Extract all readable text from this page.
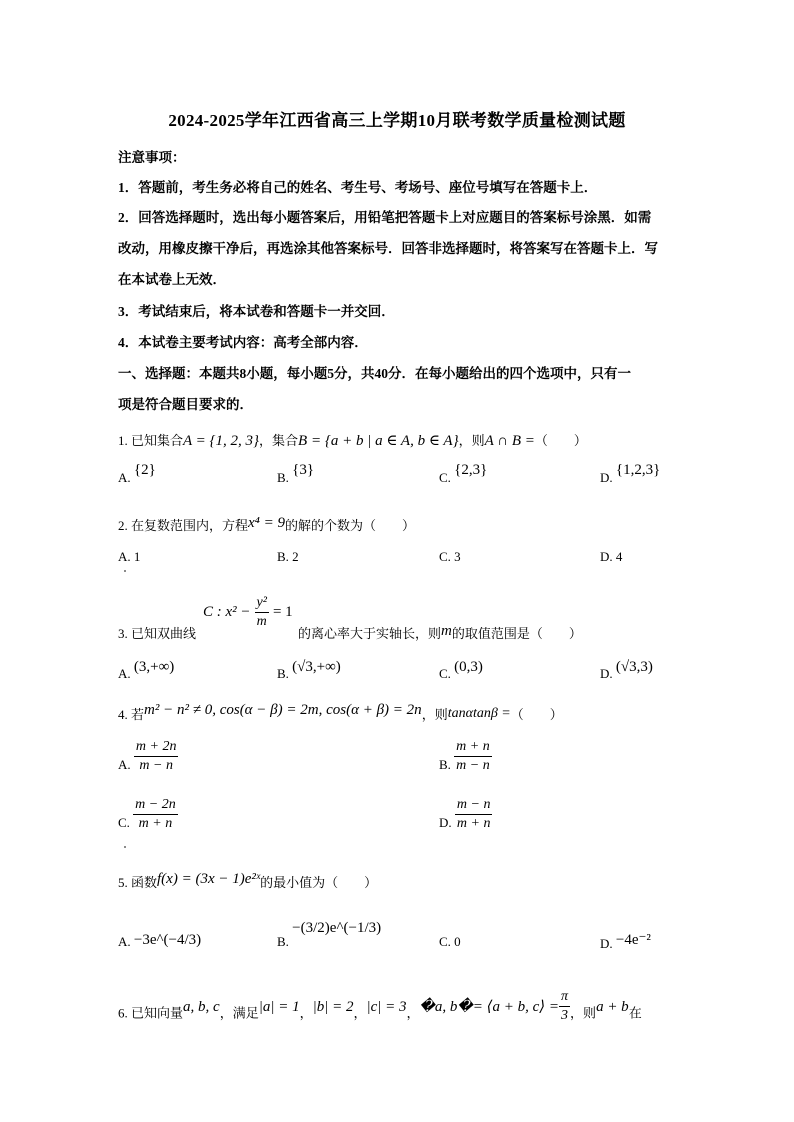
2024-2025学年江西省高三上学期10月联考数学质量检测试题
注意事项：
1．答题前，考生务必将自己的姓名、考生号、考场号、座位号填写在答题卡上．
2．回答选择题时，选出每小题答案后，用铅笔把答题卡上对应题目的答案标号涂黑．如需
改动，用橡皮擦干净后，再选涂其他答案标号．回答非选择题时，将答案写在答题卡上．写
在本试卷上无效．
3．考试结束后，将本试卷和答题卡一并交回．
4．本试卷主要考试内容：高考全部内容．
一、选择题：本题共8小题，每小题5分，共40分．在每小题给出的四个选项中，只有一
项是符合题目要求的．
1. 已知集合A = {1, 2, 3}，集合B = {a + b | a ∈ A, b ∈ A}，则A ∩ B =（　　）
A. {2}	B. {3}	C. {2,3}	D. {1,2,3}
2. 在复数范围内，方程x⁴ = 9的解的个数为（　　）
A. 1	B. 2	C. 3	D. 4
3. 已知双曲线
C : $x^2 - \frac{\text{y²}}{m} = 1$
的离心率大于实轴长，则m的取值范围是（　　）
A. (3,+∞)	B. (√3,+∞)	C. (0,3)	D. (√3,3)
4. 若m² − n² ≠ 0, cos(α − β) = 2m, cos(α + β) = 2n，则tanαtanβ =（　　）
A. $\frac{m + 2n}{m - n}$	B. $\frac{m + n}{m - n}$
C. $\frac{m - 2n}{m + n}$	D. $\frac{m - n}{m + n}$
5. 函数f(x) = (3x − 1)e²ˣ的最小值为（　　）
A. −3e^(−4/3)	B. −(3/2)e^(−1/3)
C. 0	D. −4e⁻²
6. 已知向量a, b, c，满足|a| = 1，|b| = 2，|c| = 3，�a, b�= ⟨a + b, c⟩ = $\frac{\pi}{3}$ ，则a + b在
